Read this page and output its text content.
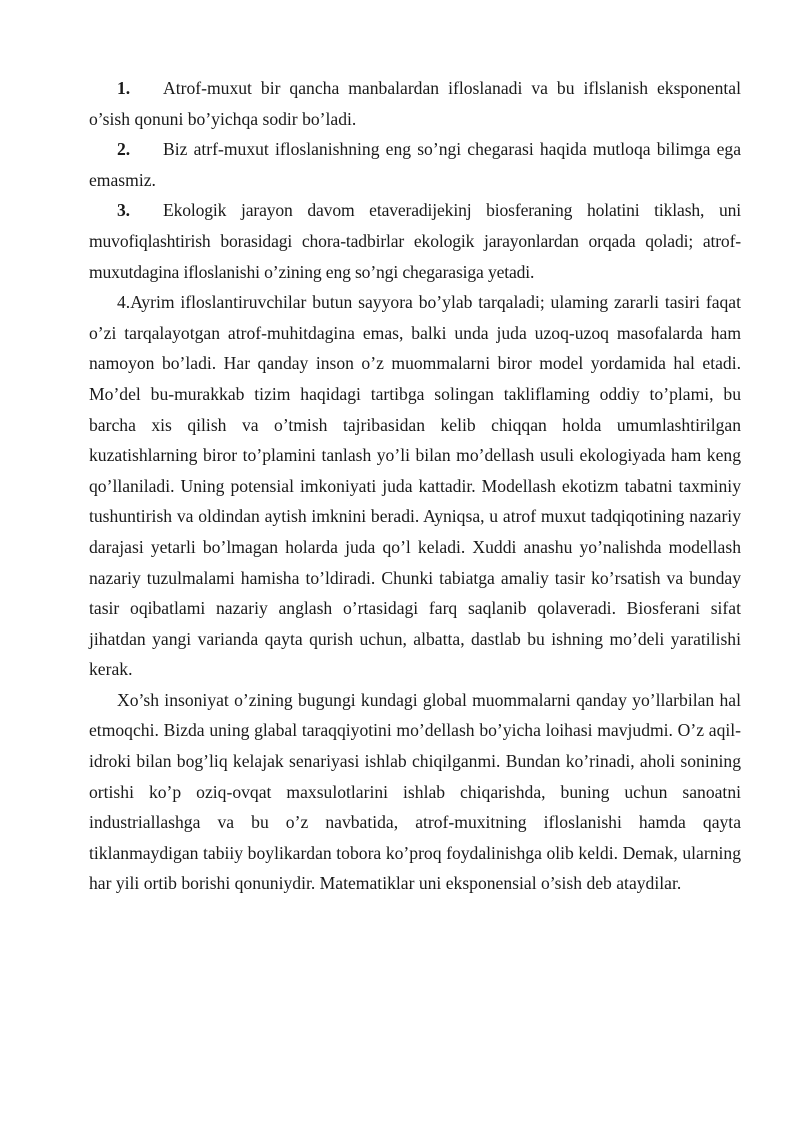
1. Atrof-muxut bir qancha manbalardan ifloslanadi va bu iflslanish eksponental o’sish qonuni bo’yichqa sodir bo’ladi.

2. Biz atrf-muxut ifloslanishning eng so’ngi chegarasi haqida mutloqa bilimga ega emasmiz.

3. Ekologik jarayon davom etaveradijekinj biosferaning holatini tiklash, uni muvofiqlashtirish borasidagi chora-tadbirlar ekologik jarayonlardan orqada qoladi; atrof- muxutdagina ifloslanishi o’zining eng so’ngi chegarasiga yetadi.

4.Ayrim ifloslantiruvchilar butun sayyora bo’ylab tarqaladi; ulaming zararli tasiri faqat o’zi tarqalayotgan atrof-muhitdagina emas, balki unda juda uzoq-uzoq masofalarda ham namoyon bo’ladi. Har qanday inson o’z muommalarni biror model yordamida hal etadi. Mo’del bu-murakkab tizim haqidagi tartibga solingan takliflaming oddiy to’plami, bu barcha xis qilish va o’tmish tajribasidan kelib chiqqan holda umumlashtirilgan kuzatishlarning biror to’plamini tanlash yo’li bilan mo’dellash usuli ekologiyada ham keng qo’llaniladi. Uning potensial imkoniyati juda kattadir. Modellash ekotizm tabatni taxminiy tushuntirish va oldindan aytish imknini beradi. Ayniqsa, u atrof muxut tadqiqotining nazariy darajasi yetarli bo’lmagan holarda juda qo’l keladi. Xuddi anashu yo’nalishda modellash nazariy tuzulmalami hamisha to’ldiradi. Chunki tabiatga amaliy tasir ko’rsatish va bunday tasir oqibatlami nazariy anglash o’rtasidagi farq saqlanib qolaveradi. Biosferani sifat jihatdan yangi varianda qayta qurish uchun, albatta, dastlab bu ishning mo’deli yaratilishi kerak.

Xo’sh insoniyat o’zining bugungi kundagi global muommalarni qanday yo’llarbilan hal etmoqchi. Bizda uning glabal taraqqiyotini mo’dellash bo’yicha loihasi mavjudmi. O’z aqil-idroki bilan bog’liq kelajak senariyasi ishlab chiqilganmi. Bundan ko’rinadi, aholi sonining ortishi ko’p oziq-ovqat maxsulotlarini ishlab chiqarishda, buning uchun sanoatni industriallashga va bu o’z navbatida, atrof-muxitning ifloslanishi hamda qayta tiklanmaydigan tabiiy boylikardan tobora ko’proq foydalinishga olib keldi. Demak, ularning har yili ortib borishi qonuniydir. Matematiklar uni eksponensial o’sish deb ataydilar.
